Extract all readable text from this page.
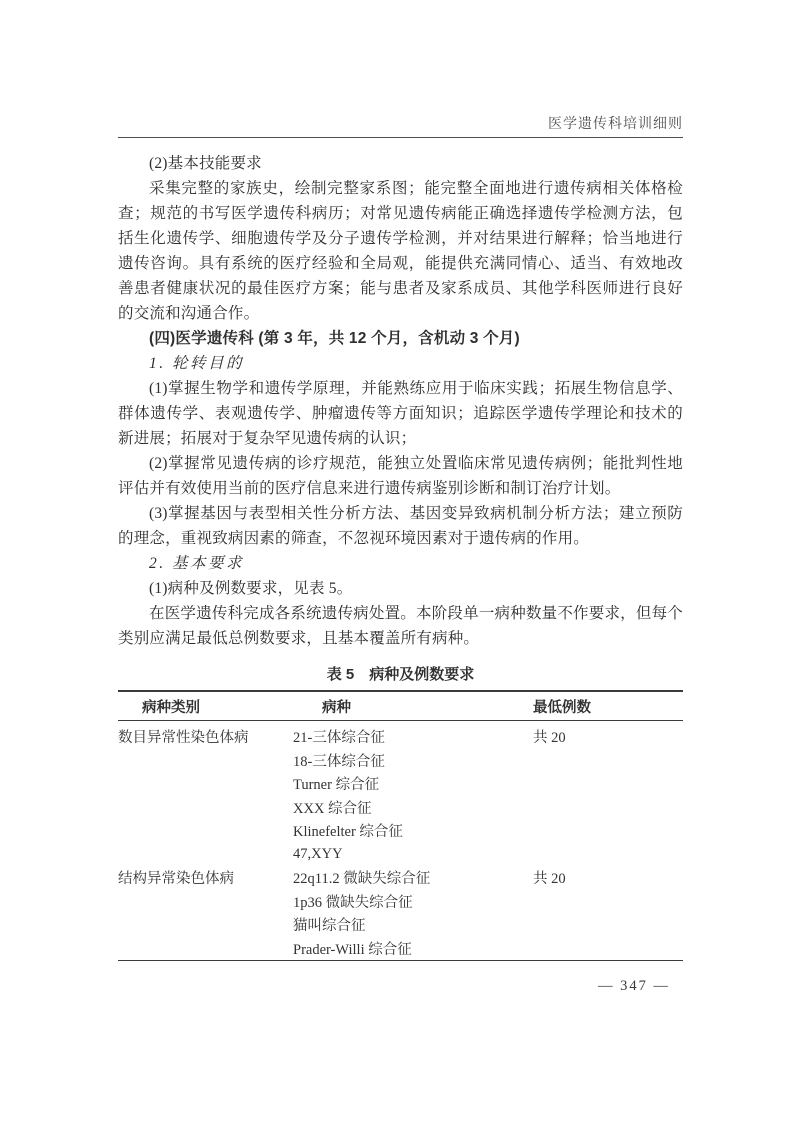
医学遗传科培训细则

(2)基本技能要求

采集完整的家族史，绘制完整家系图；能完整全面地进行遗传病相关体格检查；规范的书写医学遗传科病历；对常见遗传病能正确选择遗传学检测方法，包括生化遗传学、细胞遗传学及分子遗传学检测，并对结果进行解释；恰当地进行遗传咨询。具有系统的医疗经验和全局观，能提供充满同情心、适当、有效地改善患者健康状况的最佳医疗方案；能与患者及家系成员、其他学科医师进行良好的交流和沟通合作。

(四)医学遗传科 (第 3 年，共 12 个月，含机动 3 个月)

1. 轮转目的

(1)掌握生物学和遗传学原理，并能熟练应用于临床实践；拓展生物信息学、群体遗传学、表观遗传学、肿瘤遗传等方面知识；追踪医学遗传学理论和技术的新进展；拓展对于复杂罕见遗传病的认识；

(2)掌握常见遗传病的诊疗规范，能独立处置临床常见遗传病例；能批判性地评估并有效使用当前的医疗信息来进行遗传病鉴别诊断和制订治疗计划。

(3)掌握基因与表型相关性分析方法、基因变异致病机制分析方法；建立预防的理念，重视致病因素的筛查，不忽视环境因素对于遗传病的作用。

2. 基本要求

(1)病种及例数要求，见表 5。

在医学遗传科完成各系统遗传病处置。本阶段单一病种数量不作要求，但每个类别应满足最低总例数要求，且基本覆盖所有病种。

表 5　病种及例数要求
病种类别	病种	最低例数
数目异常性染色体病	21-三体综合征	共 20
	18-三体综合征	
	Turner 综合征	
	XXX 综合征	
	Klinefelter 综合征	
	47,XYY	
结构异常染色体病	22q11.2 微缺失综合征	共 20
	1p36 微缺失综合征	
	猫叫综合征	
	Prader-Willi 综合征	
— 347 —
